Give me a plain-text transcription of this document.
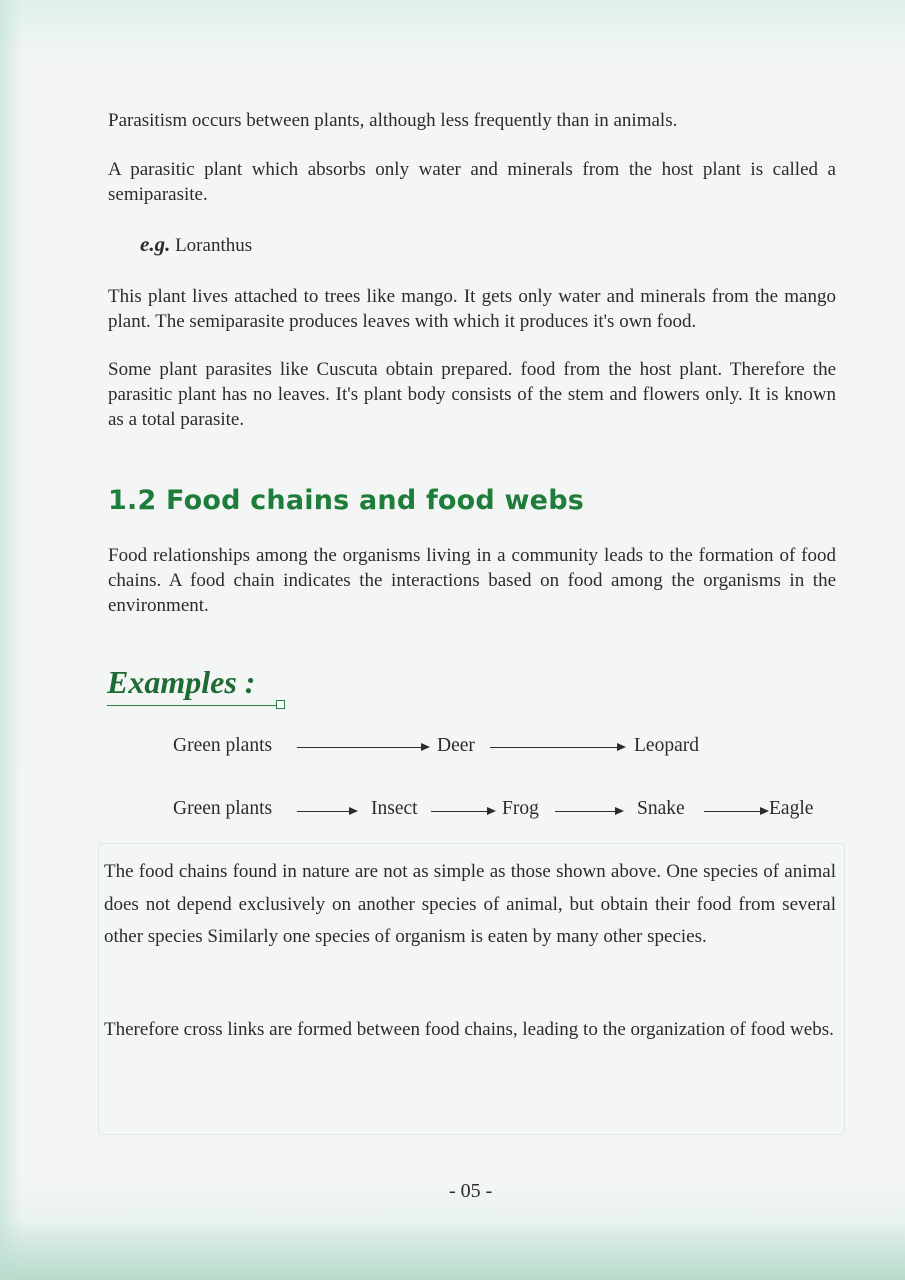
Parasitism occurs between plants, although less frequently than in animals.

A parasitic plant which absorbs only water and minerals from the host plant is called a semiparasite.

e.g. Loranthus

This plant lives attached to trees like mango. It gets only water and minerals from the mango plant. The semiparasite produces leaves with which it produces it's own food.

Some plant parasites like Cuscuta obtain prepared. food from the host plant. Therefore the parasitic plant has no leaves. It's plant body consists of the stem and flowers only. It is known as a total parasite.

1.2 Food chains and food webs

Food relationships among the organisms living in a community leads to the formation of food chains. A food chain indicates the interactions based on food among the organisms in the environment.

Examples :
Green plants	Deer	Leopard
Green plants	Insect	Frog	Snake	Eagle

The food chains found in nature are not as simple as those shown above. One species of animal does not depend exclusively on another species of animal, but obtain their food from several other species Similarly one species of organism is eaten by many other species.

Therefore cross links are formed between food chains, leading to the organization of food webs.

- 05 -
